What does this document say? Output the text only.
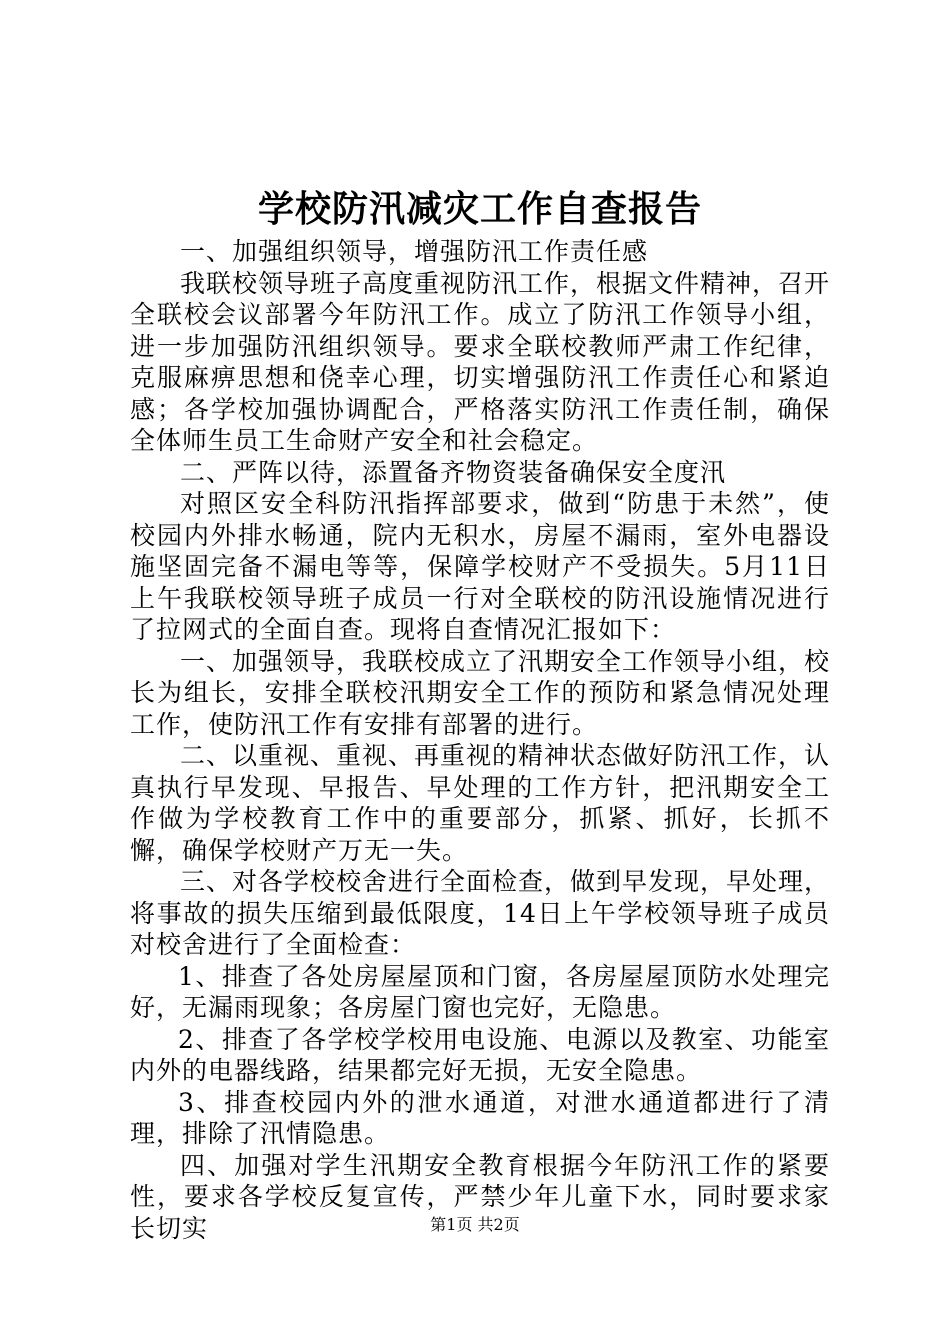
学校防汛减灾工作自查报告

一、加强组织领导，增强防汛工作责任感

我联校领导班子高度重视防汛工作，根据文件精神，召开全联校会议部署今年防汛工作。成立了防汛工作领导小组，进一步加强防汛组织领导。要求全联校教师严肃工作纪律，克服麻痹思想和侥幸心理，切实增强防汛工作责任心和紧迫感；各学校加强协调配合，严格落实防汛工作责任制，确保全体师生员工生命财产安全和社会稳定。

二、严阵以待，添置备齐物资装备确保安全度汛

对照区安全科防汛指挥部要求，做到“防患于未然”，使校园内外排水畅通，院内无积水，房屋不漏雨，室外电器设施坚固完备不漏电等等，保障学校财产不受损失。5月11日上午我联校领导班子成员一行对全联校的防汛设施情况进行了拉网式的全面自查。现将自查情况汇报如下：

一、加强领导，我联校成立了汛期安全工作领导小组，校长为组长，安排全联校汛期安全工作的预防和紧急情况处理工作，使防汛工作有安排有部署的进行。

二、以重视、重视、再重视的精神状态做好防汛工作，认真执行早发现、早报告、早处理的工作方针，把汛期安全工作做为学校教育工作中的重要部分，抓紧、抓好，长抓不懈，确保学校财产万无一失。

三、对各学校校舍进行全面检查，做到早发现，早处理，将事故的损失压缩到最低限度，14日上午学校领导班子成员对校舍进行了全面检查：

1、排查了各处房屋屋顶和门窗，各房屋屋顶防水处理完好，无漏雨现象；各房屋门窗也完好，无隐患。

2、排查了各学校学校用电设施、电源以及教室、功能室内外的电器线路，结果都完好无损，无安全隐患。

3、排查校园内外的泄水通道，对泄水通道都进行了清理，排除了汛情隐患。

四、加强对学生汛期安全教育根据今年防汛工作的紧要性，要求各学校反复宣传，严禁少年儿童下水，同时要求家长切实	第1页 共2页
